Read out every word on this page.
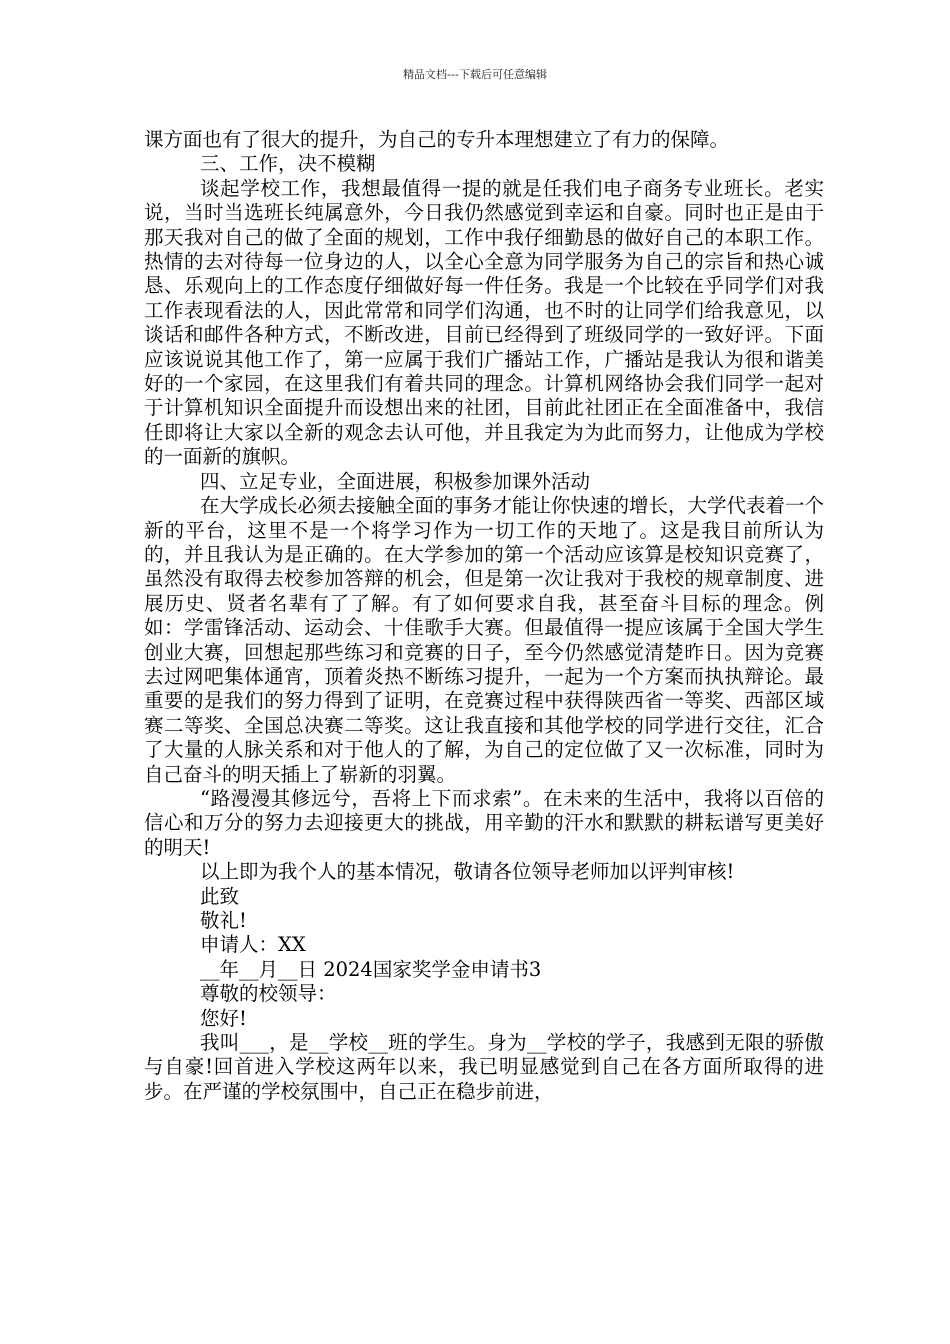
精品文档---下载后可任意编辑

课方面也有了很大的提升，为自己的专升本理想建立了有力的保障。

三、工作，决不模糊

谈起学校工作，我想最值得一提的就是任我们电子商务专业班长。老实说，当时当选班长纯属意外，今日我仍然感觉到幸运和自豪。同时也正是由于那天我对自己的做了全面的规划，工作中我仔细勤恳的做好自己的本职工作。热情的去对待每一位身边的人，以全心全意为同学服务为自己的宗旨和热心诚恳、乐观向上的工作态度仔细做好每一件任务。我是一个比较在乎同学们对我工作表现看法的人，因此常常和同学们沟通，也不时的让同学们给我意见，以谈话和邮件各种方式，不断改进，目前已经得到了班级同学的一致好评。下面应该说说其他工作了，第一应属于我们广播站工作，广播站是我认为很和谐美好的一个家园，在这里我们有着共同的理念。计算机网络协会我们同学一起对于计算机知识全面提升而设想出来的社团，目前此社团正在全面准备中，我信任即将让大家以全新的观念去认可他，并且我定为为此而努力，让他成为学校的一面新的旗帜。

四、立足专业，全面进展，积极参加课外活动

在大学成长必须去接触全面的事务才能让你快速的增长，大学代表着一个新的平台，这里不是一个将学习作为一切工作的天地了。这是我目前所认为的，并且我认为是正确的。在大学参加的第一个活动应该算是校知识竞赛了，虽然没有取得去校参加答辩的机会，但是第一次让我对于我校的规章制度、进展历史、贤者名辈有了了解。有了如何要求自我，甚至奋斗目标的理念。例如：学雷锋活动、运动会、十佳歌手大赛。但最值得一提应该属于全国大学生创业大赛，回想起那些练习和竞赛的日子，至今仍然感觉清楚昨日。因为竞赛去过网吧集体通宵，顶着炎热不断练习提升，一起为一个方案而执执辩论。最重要的是我们的努力得到了证明，在竞赛过程中获得陕西省一等奖、西部区域赛二等奖、全国总决赛二等奖。这让我直接和其他学校的同学进行交往，汇合了大量的人脉关系和对于他人的了解，为自己的定位做了又一次标准，同时为自己奋斗的明天插上了崭新的羽翼。

“路漫漫其修远兮，吾将上下而求索”。在未来的生活中，我将以百倍的信心和万分的努力去迎接更大的挑战，用辛勤的汗水和默默的耕耘谱写更美好的明天!

以上即为我个人的基本情况，敬请各位领导老师加以评判审核!

此致

敬礼!

申请人：XX

__年__月__日 2024国家奖学金申请书3

尊敬的校领导：

您好!

我叫___，是__学校__班的学生。身为__学校的学子，我感到无限的骄傲与自豪!回首进入学校这两年以来，我已明显感觉到自己在各方面所取得的进步。在严谨的学校氛围中，自己正在稳步前进，
